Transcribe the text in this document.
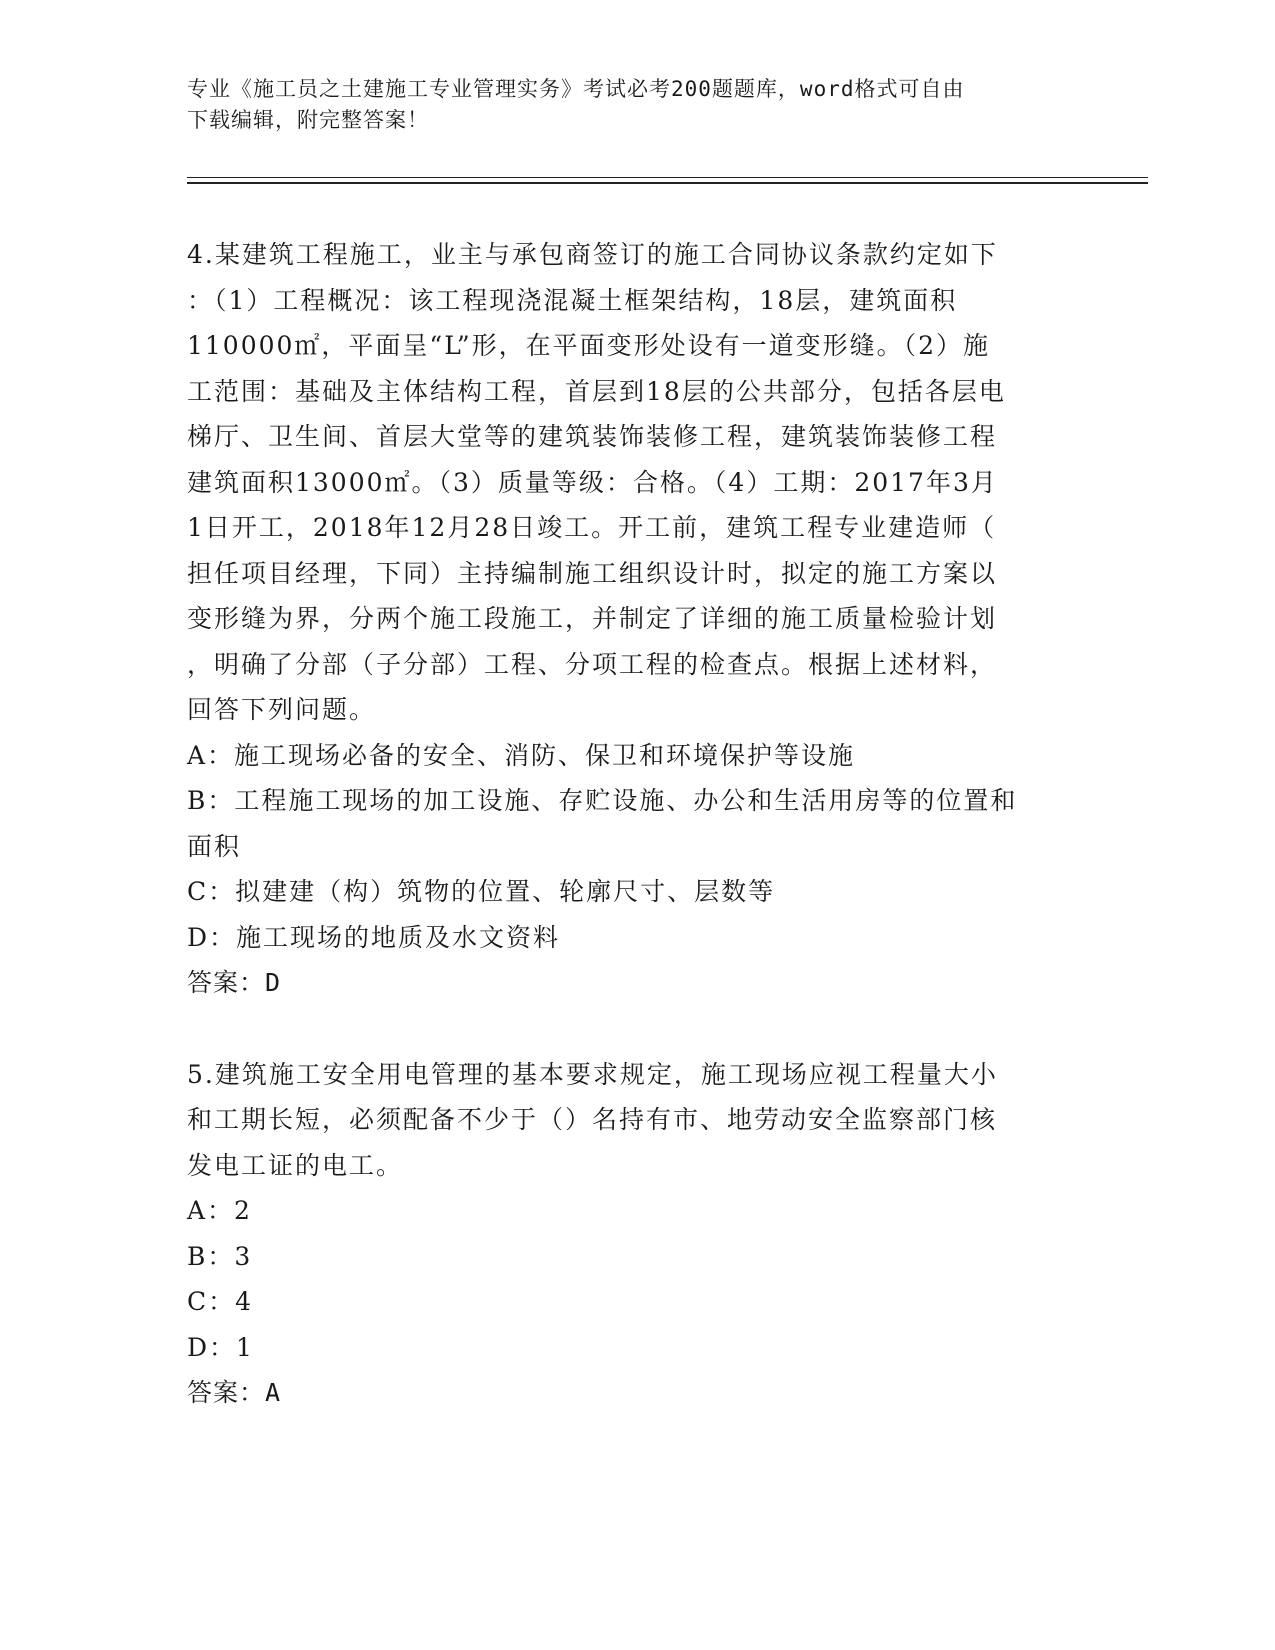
专业《施工员之土建施工专业管理实务》考试必考200题题库，word格式可自由
下载编辑，附完整答案！
4.某建筑工程施工，业主与承包商签订的施工合同协议条款约定如下
：（1）工程概况：该工程现浇混凝土框架结构，18层，建筑面积
110000㎡，平面呈“L”形，在平面变形处设有一道变形缝。（2）施
工范围：基础及主体结构工程，首层到18层的公共部分，包括各层电
梯厅、卫生间、首层大堂等的建筑装饰装修工程，建筑装饰装修工程
建筑面积13000㎡。（3）质量等级：合格。（4）工期：2017年3月
1日开工，2018年12月28日竣工。开工前，建筑工程专业建造师（
担任项目经理，下同）主持编制施工组织设计时，拟定的施工方案以
变形缝为界，分两个施工段施工，并制定了详细的施工质量检验计划
，明确了分部（子分部）工程、分项工程的检查点。根据上述材料，
回答下列问题。
A：施工现场必备的安全、消防、保卫和环境保护等设施
B：工程施工现场的加工设施、存贮设施、办公和生活用房等的位置和
面积
C：拟建建（构）筑物的位置、轮廓尺寸、层数等
D：施工现场的地质及水文资料
答案：D
5.建筑施工安全用电管理的基本要求规定，施工现场应视工程量大小
和工期长短，必须配备不少于（）名持有市、地劳动安全监察部门核
发电工证的电工。
A：2
B：3
C：4
D：1
答案：A
